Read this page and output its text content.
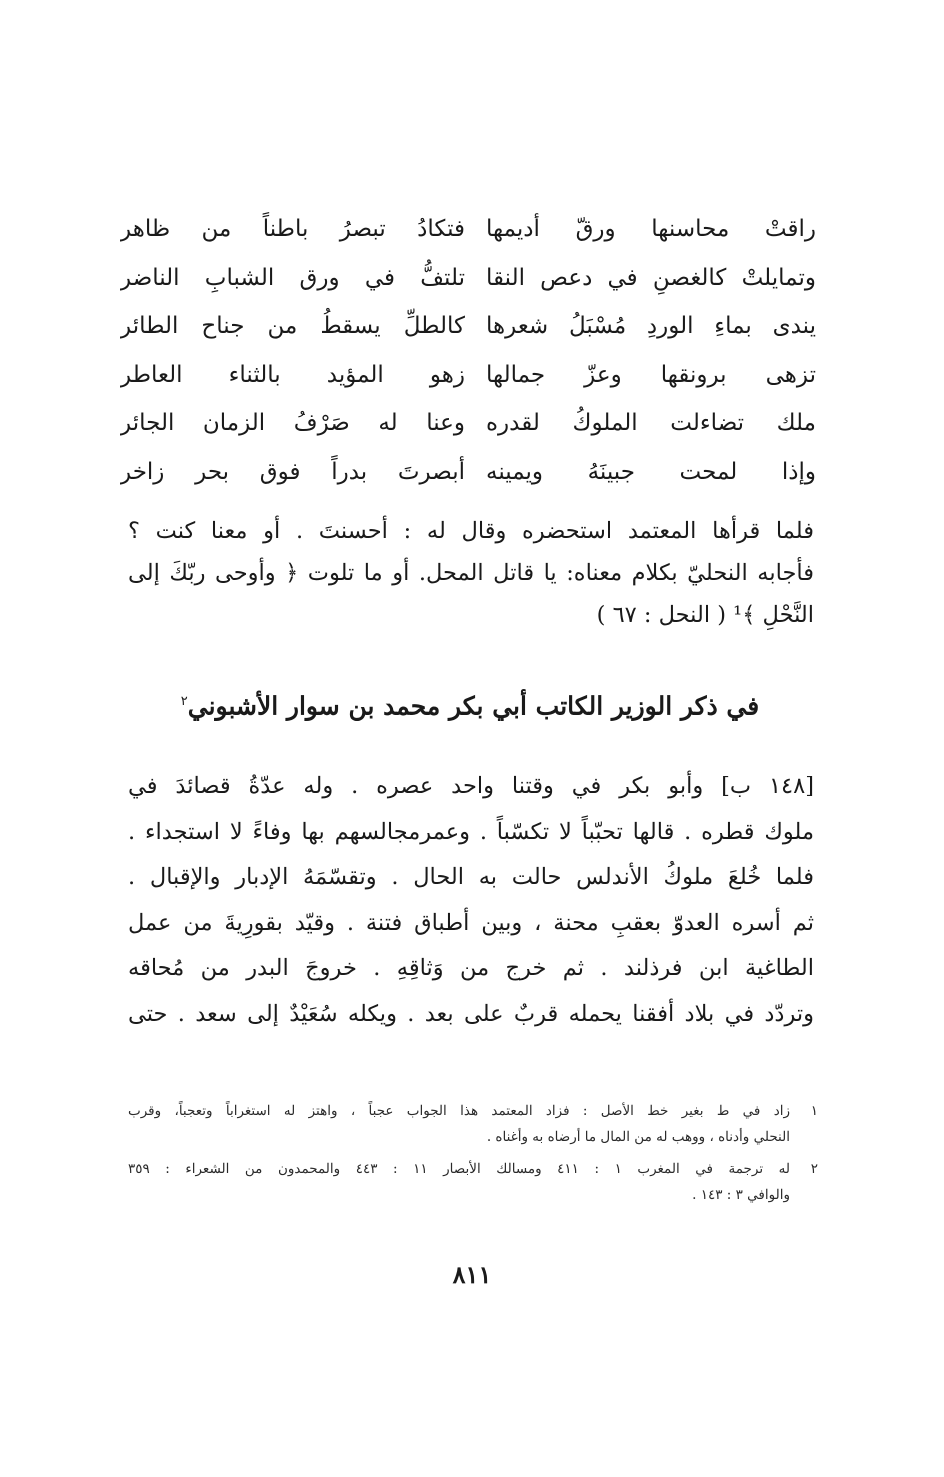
راقتْ محاسنها ورقّ أديمها
فتكادُ تبصرُ باطناً من ظاهر
وتمايلتْ كالغصنِ في دعص النقا
تلتفُّ في ورق الشبابِ الناضر
يندى بماءِ الوردِ مُسْبَلُ شعرها
كالطلِّ يسقطُ من جناح الطائر
تزهى برونقها وعزّ جمالها
زهو المؤيد بالثناء العاطر
ملك تضاءلت الملوكُ لقدره
وعنا له صَرْفُ الزمان الجائر
وإذا لمحت جبينَهُ ويمينه
أبصرتَ بدراً فوق بحر زاخر
فلما قرأها المعتمد استحضره وقال له : أحسنتَ . أو معنا كنت ؟
فأجابه النحليّ بكلام معناه: يا قاتل المحل. أو ما تلوت ﴿ وأوحى ربّكَ إلى
النَّحْلِ ﴾¹ ( النحل : ٦٧ )
في ذكر الوزير الكاتب أبي بكر محمد بن سوار الأشبوني$^٢$
[١٤٨ ب] وأبو بكر في وقتنا واحد عصره . وله عدّةُ قصائدَ في
ملوك قطره . قالها تحبّباً لا تكسّباً . وعمرمجالسهم بها وفاءً لا استجداء .
فلما خُلعَ ملوكُ الأندلس حالت به الحال . وتقسّمَهُ الإدبار والإقبال .
ثم أسره العدوّ بعقبِ محنة ، وبين أطباق فتنة . وقيّد بقورِيةَ من عمل
الطاغية ابن فرذلند . ثم خرج من وَثاقِهِ . خروجَ البدر من مُحاقه
وتردّد في بلاد أفقنا يحمله قربٌ على بعد . ويكله سُعَيْدٌ إلى سعد . حتى
١
زاد في ط بغير خط الأصل : فزاد المعتمد هذا الجواب عجباً ، واهتز له استغراباً وتعجباً، وقرب
النحلي وأدناه ، ووهب له من المال ما أرضاه به وأغناه .
٢
له ترجمة في المغرب ١ : ٤١١ ومسالك الأبصار ١١ : ٤٤٣ والمحمدون من الشعراء : ٣٥٩
والوافي ٣ : ١٤٣ .
٨١١
